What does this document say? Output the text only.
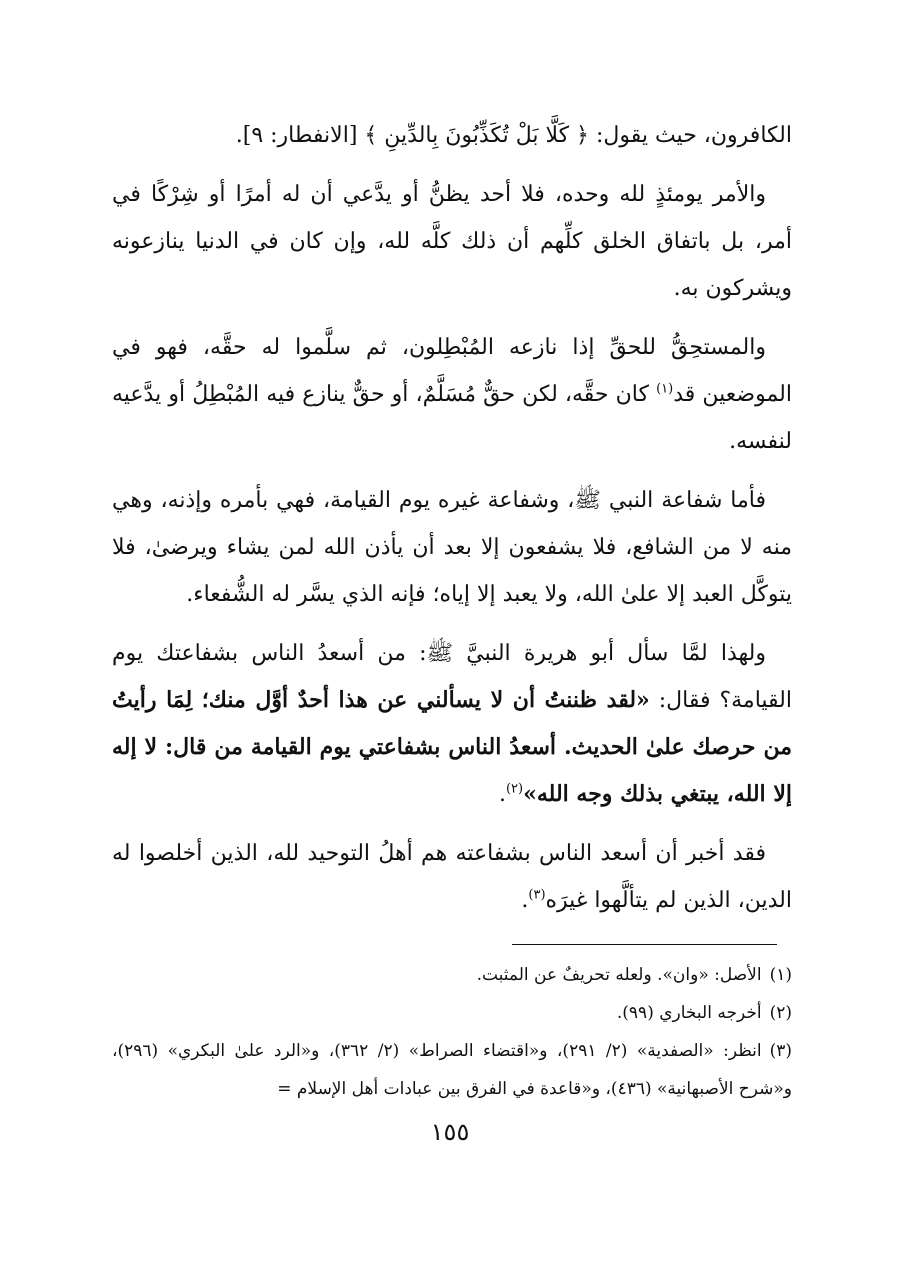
الكافرون، حيث يقول: ﴿ كَلَّا بَلْ تُكَذِّبُونَ بِالدِّينِ ﴾ [الانفطار: ٩].

والأمر يومئذٍ لله وحده، فلا أحد يظنُّ أو يدَّعي أن له أمرًا أو شِرْكًا في أمر، بل باتفاق الخلق كلِّهم أن ذلك كلَّه لله، وإن كان في الدنيا ينازعونه ويشركون به.

والمستحِقُّ للحقِّ إذا نازعه المُبْطِلون، ثم سلَّموا له حقَّه، فهو في الموضعين قد$^{(١)}$ كان حقَّه، لكن حقٌّ مُسَلَّمٌ، أو حقٌّ ينازع فيه المُبْطِلُ أو يدَّعيه لنفسه.

فأما شفاعة النبي ﷺ، وشفاعة غيره يوم القيامة، فهي بأمره وإذنه، وهي منه لا من الشافع، فلا يشفعون إلا بعد أن يأذن الله لمن يشاء ويرضىٰ، فلا يتوكَّل العبد إلا علىٰ الله، ولا يعبد إلا إياه؛ فإنه الذي يسَّر له الشُّفعاء.

ولهذا لمَّا سأل أبو هريرة النبيَّ ﷺ: من أسعدُ الناس بشفاعتك يوم القيامة؟ فقال: «لقد ظننتُ أن لا يسألني عن هذا أحدٌ أوَّل منك؛ لِمَا رأيتُ من حرصك علىٰ الحديث. أسعدُ الناس بشفاعتي يوم القيامة من قال: لا إله إلا الله، يبتغي بذلك وجه الله»$^{(٢)}$.

فقد أخبر أن أسعد الناس بشفاعته هم أهلُ التوحيد لله، الذين أخلصوا له الدين، الذين لم يتألَّهوا غيرَه$^{(٣)}$.

(١)الأصل: «وان». ولعله تحريفٌ عن المثبت.

(٢)أخرجه البخاري (٩٩).

(٣)انظر: «الصفدية» (٢/ ٢٩١)، و«اقتضاء الصراط» (٢/ ٣٦٢)، و«الرد علىٰ البكري» (٢٩٦)، و«شرح الأصبهانية» (٤٣٦)، و«قاعدة في الفرق بين عبادات أهل الإسلام =

١٥٥
